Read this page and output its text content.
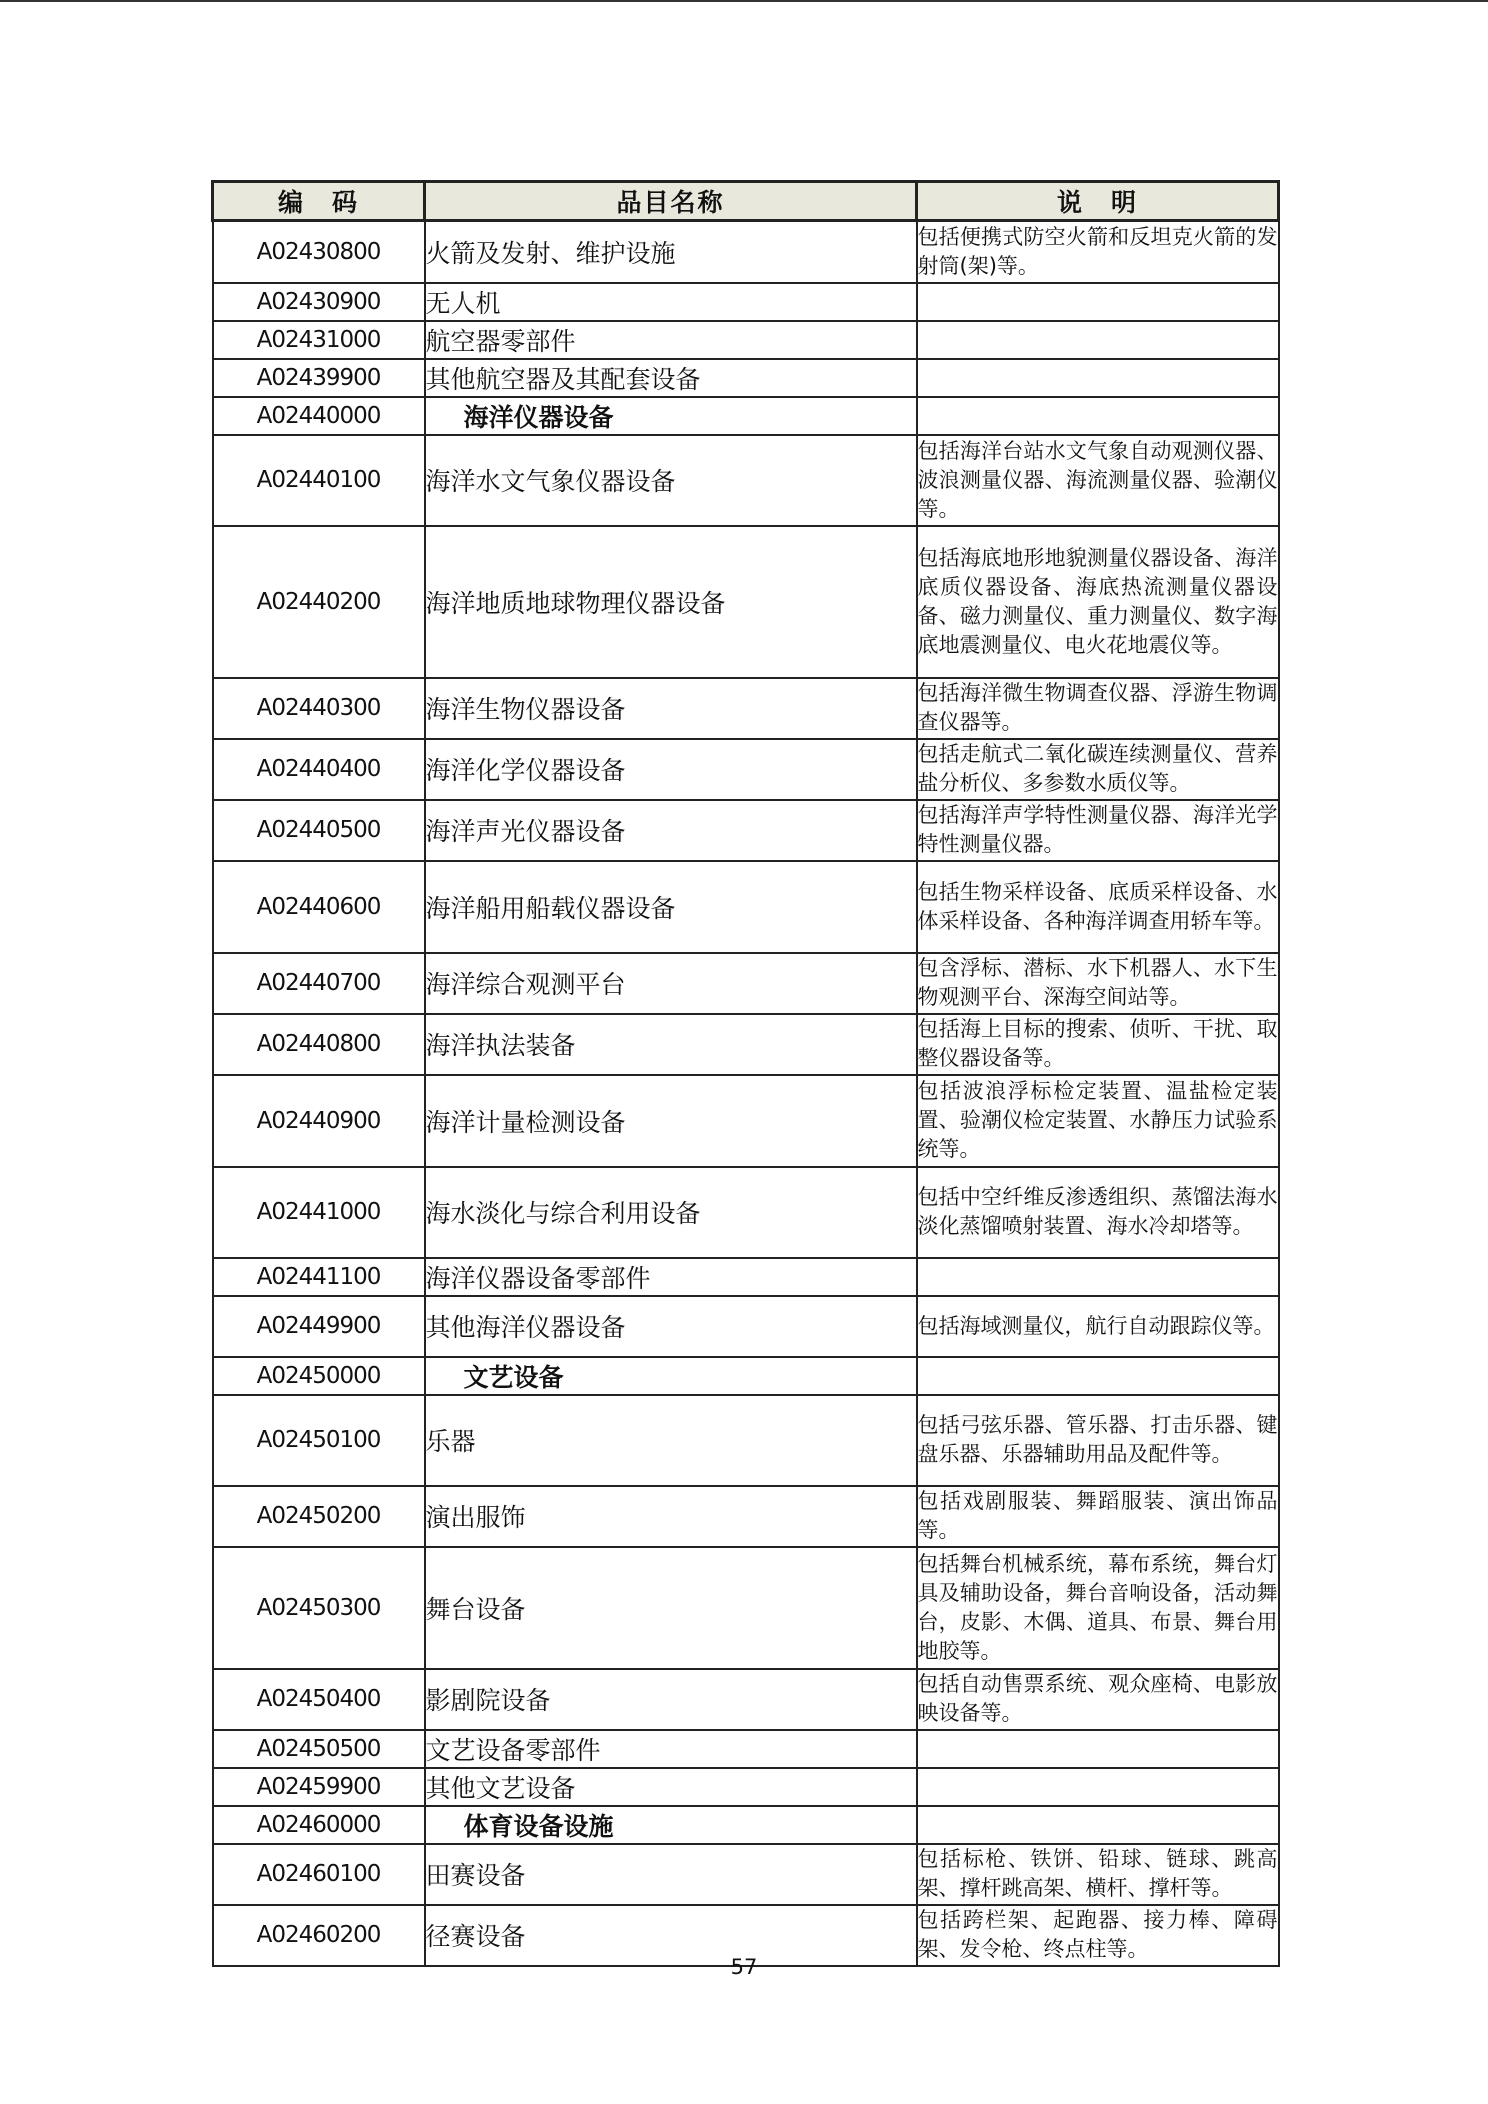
编　码	品目名称	说　明
A02430800	火箭及发射、维护设施	包括便携式防空火箭和反坦克火箭的发射筒(架)等。
A02430900	无人机	
A02431000	航空器零部件	
A02439900	其他航空器及其配套设备	
A02440000	海洋仪器设备	
A02440100	海洋水文气象仪器设备	包括海洋台站水文气象自动观测仪器、波浪测量仪器、海流测量仪器、验潮仪等。
A02440200	海洋地质地球物理仪器设备	包括海底地形地貌测量仪器设备、海洋底质仪器设备、海底热流测量仪器设备、磁力测量仪、重力测量仪、数字海底地震测量仪、电火花地震仪等。
A02440300	海洋生物仪器设备	包括海洋微生物调查仪器、浮游生物调查仪器等。
A02440400	海洋化学仪器设备	包括走航式二氧化碳连续测量仪、营养盐分析仪、多参数水质仪等。
A02440500	海洋声光仪器设备	包括海洋声学特性测量仪器、海洋光学特性测量仪器。
A02440600	海洋船用船载仪器设备	包括生物采样设备、底质采样设备、水体采样设备、各种海洋调查用轿车等。
A02440700	海洋综合观测平台	包含浮标、潜标、水下机器人、水下生物观测平台、深海空间站等。
A02440800	海洋执法装备	包括海上目标的搜索、侦听、干扰、取整仪器设备等。
A02440900	海洋计量检测设备	包括波浪浮标检定装置、温盐检定装置、验潮仪检定装置、水静压力试验系统等。
A02441000	海水淡化与综合利用设备	包括中空纤维反渗透组织、蒸馏法海水淡化蒸馏喷射装置、海水冷却塔等。
A02441100	海洋仪器设备零部件	
A02449900	其他海洋仪器设备	包括海域测量仪，航行自动跟踪仪等。
A02450000	文艺设备	
A02450100	乐器	包括弓弦乐器、管乐器、打击乐器、键盘乐器、乐器辅助用品及配件等。
A02450200	演出服饰	包括戏剧服装、舞蹈服装、演出饰品等。
A02450300	舞台设备	包括舞台机械系统，幕布系统，舞台灯具及辅助设备，舞台音响设备，活动舞台，皮影、木偶、道具、布景、舞台用地胶等。
A02450400	影剧院设备	包括自动售票系统、观众座椅、电影放映设备等。
A02450500	文艺设备零部件	
A02459900	其他文艺设备	
A02460000	体育设备设施	
A02460100	田赛设备	包括标枪、铁饼、铅球、链球、跳高架、撑杆跳高架、横杆、撑杆等。
A02460200	径赛设备	包括跨栏架、起跑器、接力棒、障碍架、发令枪、终点柱等。
57
